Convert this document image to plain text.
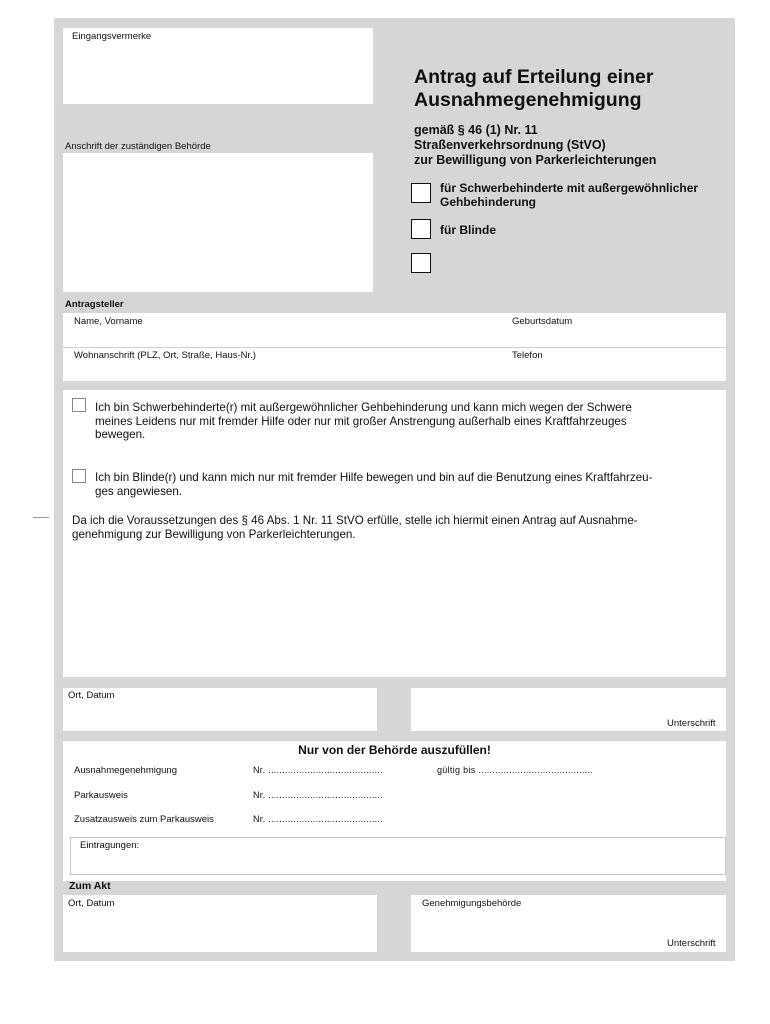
Eingangsvermerke
Anschrift der zuständigen Behörde
Antrag auf Erteilung einer
Ausnahmegenehmigung
gemäß § 46 (1) Nr. 11
Straßenverkehrsordnung (StVO)
zur Bewilligung von Parkerleichterungen
für Schwerbehinderte mit außergewöhnlicher
Gehbehinderung
für Blinde
Antragsteller
Name, Vorname	Geburtsdatum
Wohnanschrift (PLZ, Ort, Straße, Haus-Nr.)	Telefon
Ich bin Schwerbehinderte(r) mit außergewöhnlicher Gehbehinderung und kann mich wegen der Schwere
meines Leidens nur mit fremder Hilfe oder nur mit großer Anstrengung außerhalb eines Kraftfahrzeuges
bewegen.
Ich bin Blinde(r) und kann mich nur mit fremder Hilfe bewegen und bin auf die Benutzung eines Kraftfahrzeu-
ges angewiesen.
Da ich die Voraussetzungen des § 46 Abs. 1 Nr. 11 StVO erfülle, stelle ich hiermit einen Antrag auf Ausnahme-
genehmigung zur Bewilligung von Parkerleichterungen.
Ort, Datum
Unterschrift
Nur von der Behörde auszufüllen!
Ausnahmegenehmigung	Nr. .........................................	gültig bis .........................................
Parkausweis	Nr. .........................................
Zusatzausweis zum Parkausweis	Nr. .........................................
Eintragungen:
Zum Akt
Ort, Datum	Genehmigungsbehörde
Unterschrift
